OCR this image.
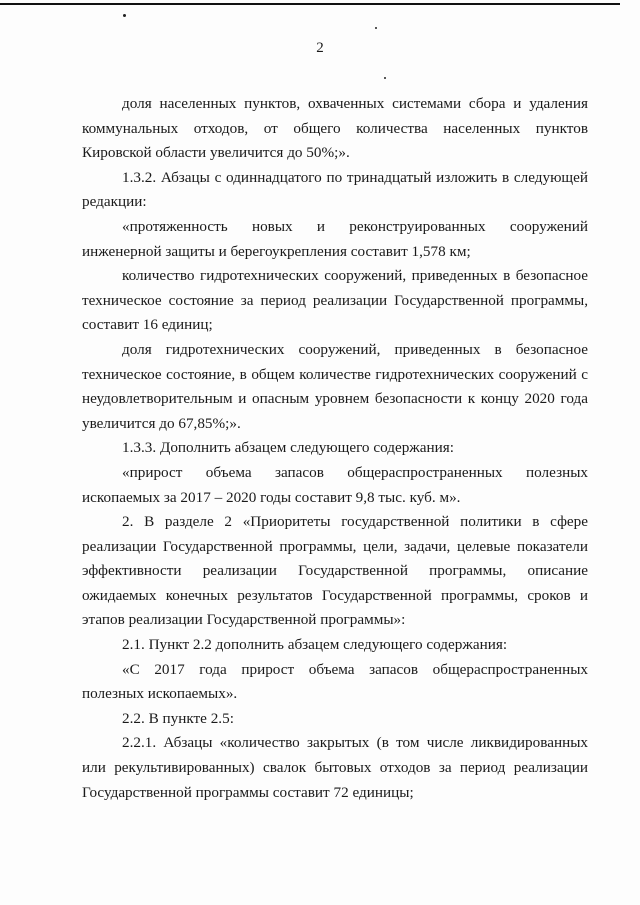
2

доля населенных пунктов, охваченных системами сбора и удаления коммунальных отходов, от общего количества населенных пунктов Кировской области увеличится до 50%;».

1.3.2. Абзацы с одиннадцатого по тринадцатый изложить в следующей редакции:

«протяженность новых и реконструированных сооружений инженерной защиты и берегоукрепления составит 1,578 км;

количество гидротехнических сооружений, приведенных в безопасное техническое состояние за период реализации Государственной программы, составит 16 единиц;

доля гидротехнических сооружений, приведенных в безопасное техническое состояние, в общем количестве гидротехнических сооружений с неудовлетворительным и опасным уровнем безопасности к концу 2020 года увеличится до 67,85%;».

1.3.3. Дополнить абзацем следующего содержания:

«прирост объема запасов общераспространенных полезных ископаемых за 2017 – 2020 годы составит 9,8 тыс. куб. м».

2. В разделе 2 «Приоритеты государственной политики в сфере реализации Государственной программы, цели, задачи, целевые показатели эффективности реализации Государственной программы, описание ожидаемых конечных результатов Государственной программы, сроков и этапов реализации Государственной программы»:

2.1. Пункт 2.2 дополнить абзацем следующего содержания:

«С 2017 года прирост объема запасов общераспространенных полезных ископаемых».

2.2. В пункте 2.5:

2.2.1. Абзацы «количество закрытых (в том числе ликвидированных или рекультивированных) свалок бытовых отходов за период реализации Государственной программы составит 72 единицы;
